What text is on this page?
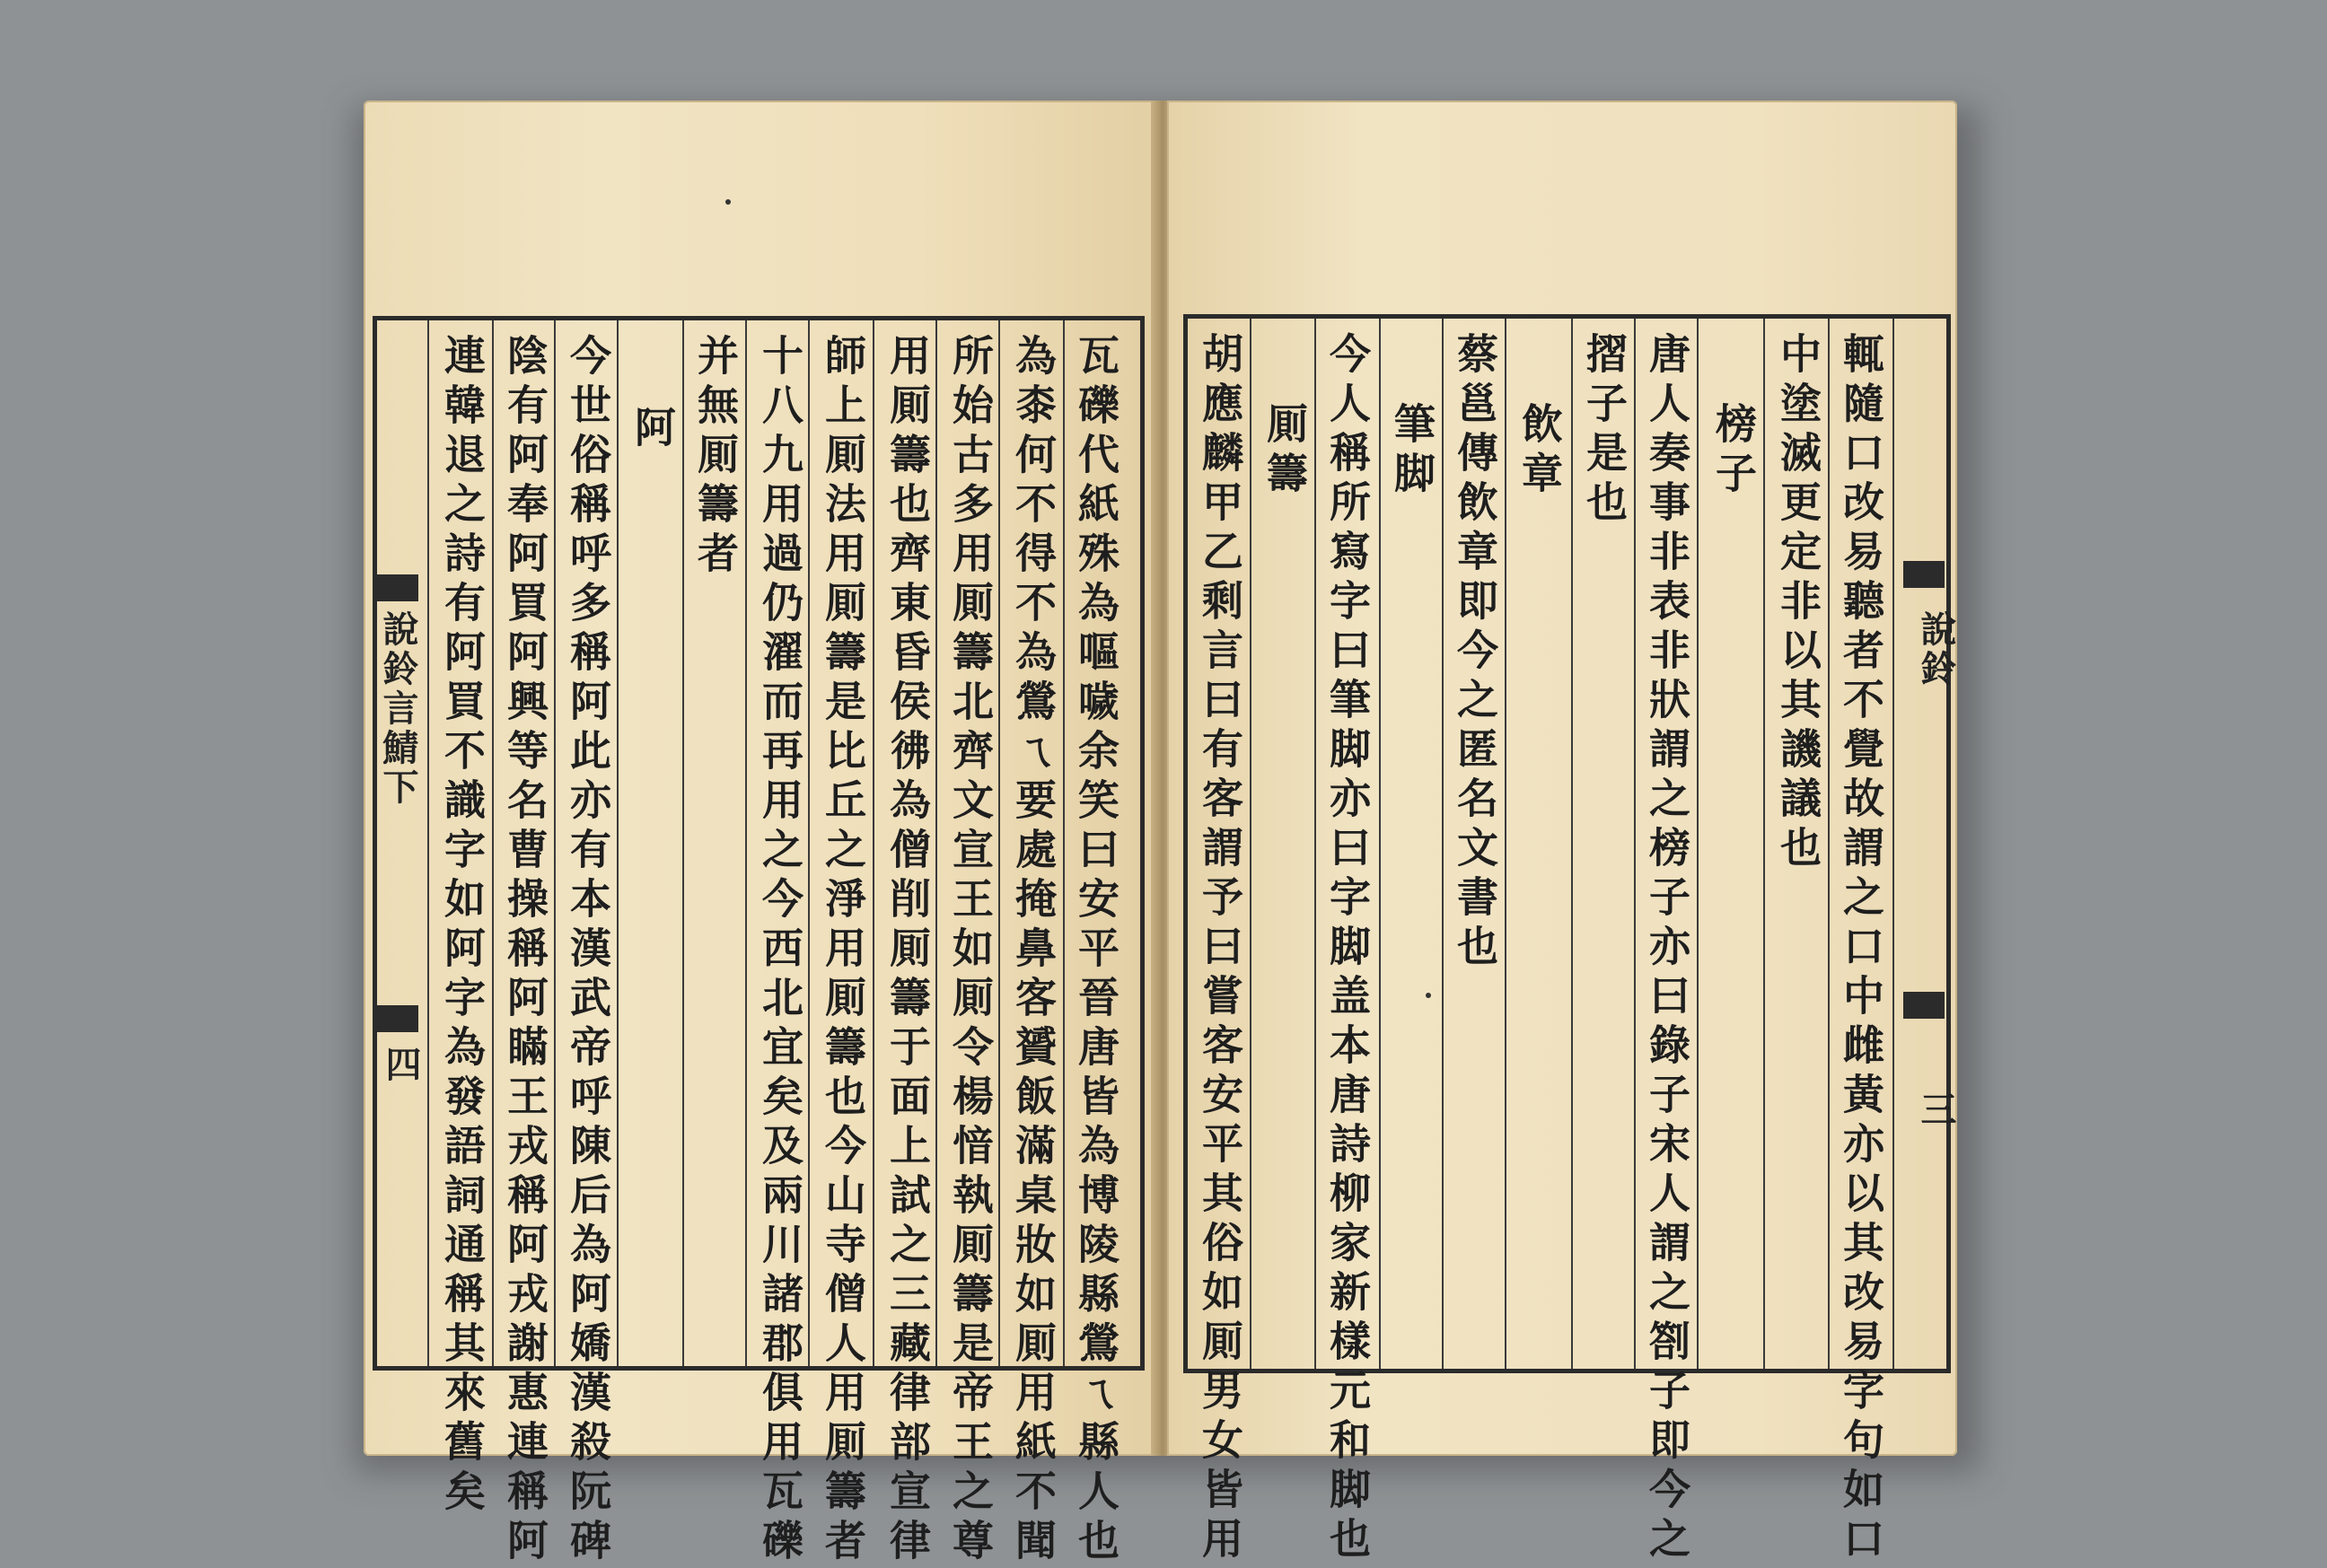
說鈴言鯖下
四
說鈴
三
瓦礫代紙殊為嘔噦余笑曰安平晉唐皆為博陵縣鶯ㄟ縣人也
為桼何不得不為鶯ㄟ要處掩鼻客贇飯滿桌妝如厠用紙不聞
所始古多用厠籌北齊文宣王如厠令楊愔執厠籌是帝王之尊
用厠籌也齊東昏侯彿為僧削厠籌于面上試之三藏律部宣律
師上厠法用厠籌是比丘之淨用厠籌也今山寺僧人用厠籌者
十八九用過仍濯而再用之今西北宜矣及兩川諸郡俱用瓦礫
并無厠籌者
阿
今世俗稱呼多稱阿此亦有本漢武帝呼陳后為阿嬌漢殺阮碑
陰有阿奉阿買阿興等名曹操稱阿瞞王戎稱阿戎謝惠連稱阿
連韓退之詩有阿買不識字如阿字為發語詞通稱其來舊矣	輒隨口改易聽者不覺故謂之口中雌黃亦以其改易字句如口
中塗滅更定非以其譏議也
榜子
唐人奏事非表非狀謂之榜子亦曰錄子宋人謂之劄子即今之
摺子是也
飲章
蔡邕傳飲章即今之匿名文書也
筆脚
今人稱所寫字曰筆脚亦曰字脚盖本唐詩柳家新樣元和脚也
厠籌
胡應麟甲乙剩言曰有客謂予曰嘗客安平其俗如厠男女皆用
